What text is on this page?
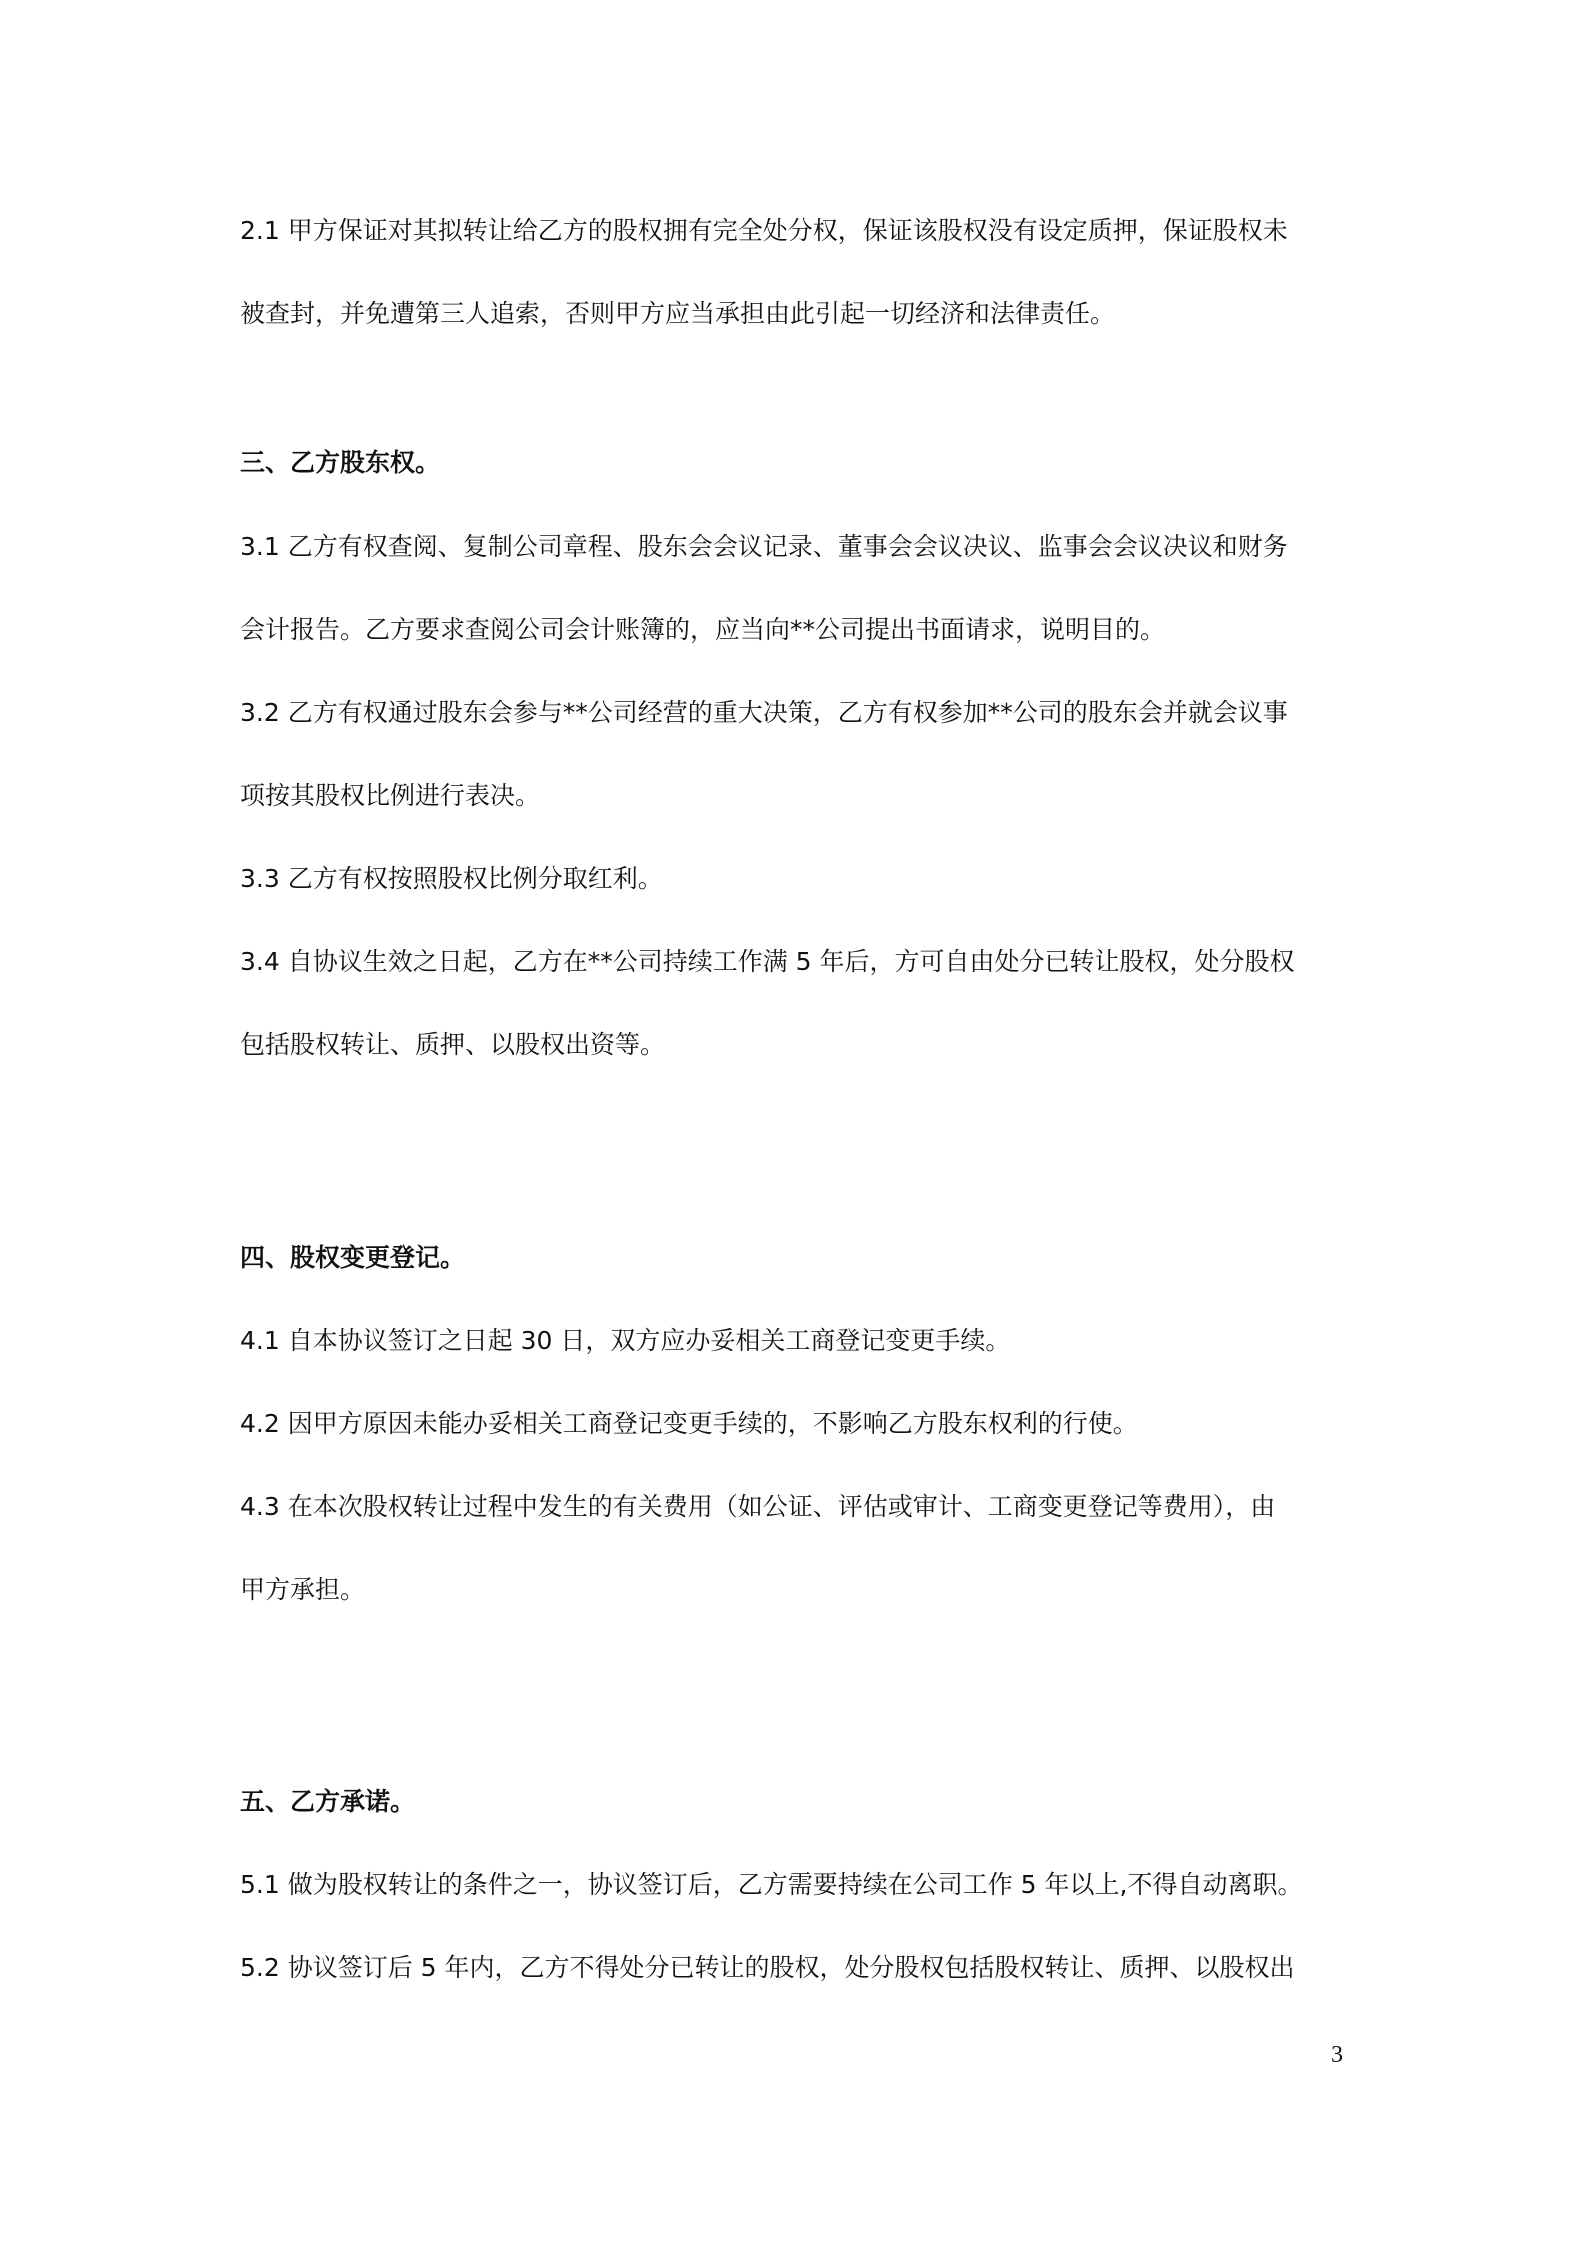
2.1 甲方保证对其拟转让给乙方的股权拥有完全处分权，保证该股权没有设定质押，保证股权未
被查封，并免遭第三人追索，否则甲方应当承担由此引起一切经济和法律责任。
三、乙方股东权。
3.1 乙方有权查阅、复制公司章程、股东会会议记录、董事会会议决议、监事会会议决议和财务
会计报告。乙方要求查阅公司会计账簿的，应当向**公司提出书面请求，说明目的。
3.2 乙方有权通过股东会参与**公司经营的重大决策，乙方有权参加**公司的股东会并就会议事
项按其股权比例进行表决。
3.3 乙方有权按照股权比例分取红利。
3.4 自协议生效之日起，乙方在**公司持续工作满 5 年后，方可自由处分已转让股权，处分股权
包括股权转让、质押、以股权出资等。
四、股权变更登记。
4.1 自本协议签订之日起 30 日，双方应办妥相关工商登记变更手续。
4.2 因甲方原因未能办妥相关工商登记变更手续的，不影响乙方股东权利的行使。
4.3 在本次股权转让过程中发生的有关费用（如公证、评估或审计、工商变更登记等费用），由
甲方承担。
五、乙方承诺。
5.1 做为股权转让的条件之一，协议签订后，乙方需要持续在公司工作 5 年以上,不得自动离职。
5.2 协议签订后 5 年内，乙方不得处分已转让的股权，处分股权包括股权转让、质押、以股权出
3
